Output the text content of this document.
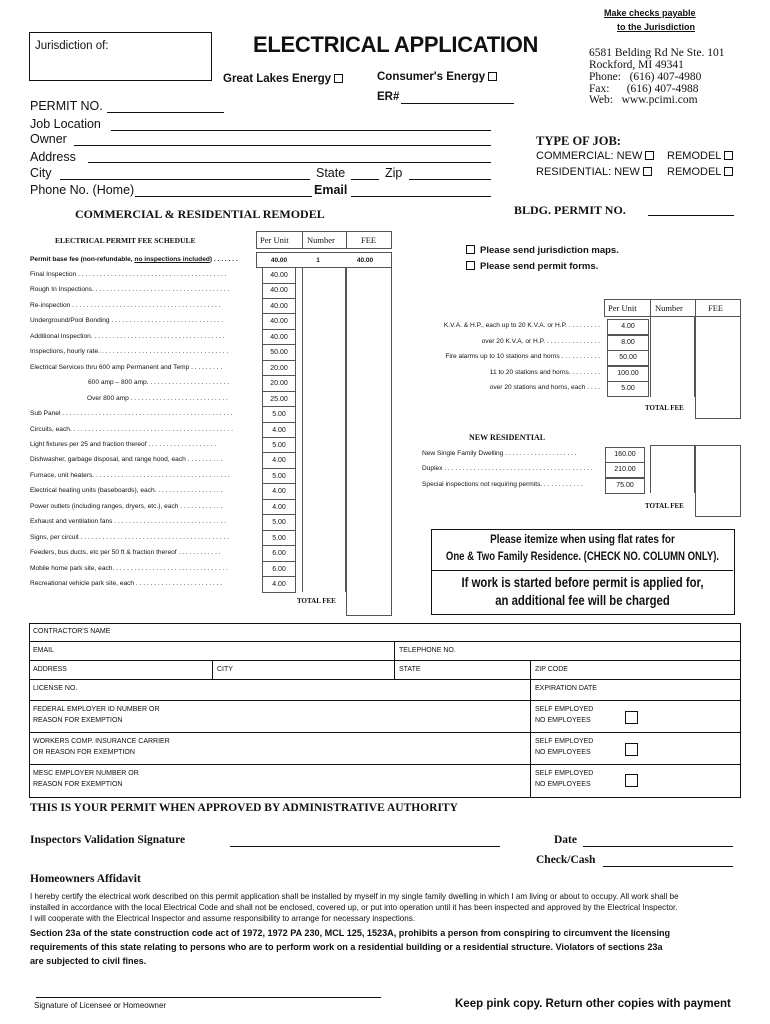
Make checks payable
to the Jurisdiction
Jurisdiction of:	ELECTRICAL APPLICATION	6581 Belding Rd Ne Ste. 101
Rockford, MI 49341
Phone:   (616) 407-4980
Fax:      (616) 407-4988
Web:   www.pcimi.com
Great Lakes Energy	Consumer's Energy
ER#
PERMIT NO.
Job Location
Owner
Address
City	State	Zip
Phone No. (Home)	Email
TYPE OF JOB:
COMMERCIAL: NEW	REMODEL
RESIDENTIAL: NEW	REMODEL
COMMERCIAL & RESIDENTIAL REMODEL	BLDG. PERMIT NO.
ELECTRICAL PERMIT FEE SCHEDULE	Per Unit Number	FEE
Permit base fee (non-refundable, no inspections included) . . . . . . .	40.00	1	40.00
Final Inspection . . . . . . . . . . . . . . . . . . . . . . . . . . . . . . . . . . . . . . . . .	40.00
Rough In Inspections. . . . . . . . . . . . . . . . . . . . . . . . . . . . . . . . . . . . . .	40.00
Re-inspection . . . . . . . . . . . . . . . . . . . . . . . . . . . . . . . . . . . . . . . . .	40.00
Underground/Pool Bonding . . . . . . . . . . . . . . . . . . . . . . . . . . . . . . .	40.00
Additional Inspection. . . . . . . . . . . . . . . . . . . . . . . . . . . . . . . . . . . . .	40.00
Inspections, hourly rate. . . . . . . . . . . . . . . . . . . . . . . . . . . . . . . . . . . .	50.00
Electrical Services thru 600 amp Permanent and Temp . . . . . . . . .	20.00
600 amp – 800 amp. . . . . . . . . . . . . . . . . . . . . . .	20.00
Over 800 amp . . . . . . . . . . . . . . . . . . . . . . . . . . .	25.00
Sub Panel . . . . . . . . . . . . . . . . . . . . . . . . . . . . . . . . . . . . . . . . . . . . . . .	5.00
Circuits, each. . . . . . . . . . . . . . . . . . . . . . . . . . . . . . . . . . . . . . . . . . . . .	4.00
Light fixtures per 25 and fraction thereof . . . . . . . . . . . . . . . . . . .	5.00
Dishwasher, garbage disposal, and range hood, each . . . . . . . . . .	4.00
Furnace, unit heaters. . . . . . . . . . . . . . . . . . . . . . . . . . . . . . . . . . . . . .	5.00
Electrical heating units (baseboards), each. . . . . . . . . . . . . . . . . . .	4.00
Power outlets (including ranges, dryers, etc.), each . . . . . . . . . . . .	4.00
Exhaust and ventilation fans . . . . . . . . . . . . . . . . . . . . . . . . . . . . . . .	5.00
Signs, per circuit . . . . . . . . . . . . . . . . . . . . . . . . . . . . . . . . . . . . . . . . .	5.00
Feeders, bus ducts, etc per 50 ft & fraction thereof . . . . . . . . . . . .	6.00
Mobile home park site, each. . . . . . . . . . . . . . . . . . . . . . . . . . . . . . . .	6.00
Recreational vehicle park site, each . . . . . . . . . . . . . . . . . . . . . . . .	4.00
TOTAL FEE
Please send jurisdiction maps.
Please send permit forms.
Per Unit Number	FEE
K.V.A. & H.P., each up to 20 K.V.A. or H.P. . . . . . . . . .	4.00
over 20 K.V.A. or H.P. . . . . . . . . . . . . . . .	8.00
Fire alarms up to 10 stations and horns . . . . . . . . . . .	50.00
11 to 20 stations and horns. . . . . . . . .	100.00
over 20 stations and horns, each . . . .	5.00
TOTAL FEE
NEW RESIDENTIAL
New Single Family Dwelling . . . . . . . . . . . . . . . . . . . .	160.00
Duplex . . . . . . . . . . . . . . . . . . . . . . . . . . . . . . . . . . . . . . . . .	210.00
Special inspections not requiring permits. . . . . . . . . . . .	75.00
TOTAL FEE
Please itemize when using flat rates for
One & Two Family Residence. (CHECK NO. COLUMN ONLY).
If work is started before permit is applied for,
an additional fee will be charged
CONTRACTOR'S NAME
EMAIL	TELEPHONE NO.
ADDRESS	CITY	STATE	ZIP CODE
LICENSE NO.	EXPIRATION DATE
FEDERAL EMPLOYER ID NUMBER OR
REASON FOR EXEMPTION
SELF EMPLOYED
NO EMPLOYEES
WORKERS COMP. INSURANCE CARRIER
OR REASON FOR EXEMPTION
SELF EMPLOYED
NO EMPLOYEES
MESC EMPLOYER NUMBER OR
REASON FOR EXEMPTION
SELF EMPLOYED
NO EMPLOYEES
THIS IS YOUR PERMIT WHEN APPROVED BY ADMINISTRATIVE AUTHORITY
Inspectors Validation Signature	Date
Check/Cash
Homeowners Affidavit
I hereby certify the electrical work described on this permit application shall be installed by myself in my single family dwelling in which I am living or about to occupy. All work shall be
installed in accordance with the local Electrical Code and shall not be enclosed, covered up, or put into operation until it has been inspected and approved by the Electrical Inspector.
I will cooperate with the Electrical Inspector and assume responsibility to arrange for necessary inspections.
Section 23a of the state construction code act of 1972, 1972 PA 230, MCL 125, 1523A, prohibits a person from conspiring to circumvent the licensing
requirements of this state relating to persons who are to perform work on a residential building or a residential structure. Violators of sections 23a
are subjected to civil fines.
Signature of Licensee or Homeowner	Keep pink copy. Return other copies with payment
